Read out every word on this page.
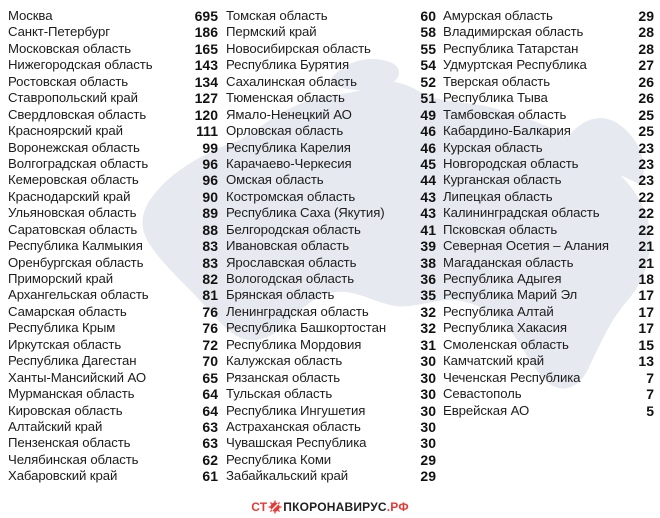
Москва	695
Санкт-Петербург	186
Московская область	165
Нижегородская область	143
Ростовская область	134
Ставропольский край	127
Свердловская область	120
Красноярский край	111
Воронежская область	99
Волгоградская область	96
Кемеровская область	96
Краснодарский край	90
Ульяновская область	89
Саратовская область	88
Республика Калмыкия	83
Оренбургская область	83
Приморский край	82
Архангельская область	81
Самарская область	76
Республика Крым	76
Иркутская область	72
Республика Дагестан	70
Ханты-Мансийский АО	65
Мурманская область	64
Кировская область	64
Алтайский край	63
Пензенская область	63
Челябинская область	62
Хабаровский край	61
Томская область	60
Пермский край	58
Новосибирская область	55
Республика Бурятия	54
Сахалинская область	52
Тюменская область	51
Ямало-Ненецкий АО	49
Орловская область	46
Республика Карелия	46
Карачаево-Черкесия	45
Омская область	44
Костромская область	43
Республика Саха (Якутия)	43
Белгородская область	41
Ивановская область	39
Ярославская область	38
Вологодская область	36
Брянская область	35
Ленинградская область	32
Республика Башкортостан 32
Республика Мордовия	31
Калужская область	30
Рязанская область	30
Тульская область	30
Республика Ингушетия	30
Астраханская область	30
Чувашская Республика	30
Республика Коми	29
Забайкальский край	29
Амурская область	29
Владимирская область	28
Республика Татарстан	28
Удмуртская Республика	27
Тверская область	26
Республика Тыва	26
Тамбовская область	25
Кабардино-Балкария	25
Курская область	23
Новгородская область	23
Курганская область	23
Липецкая область	22
Калининградская область	22
Псковская область	22
Северная Осетия – Алания 21
Магаданская область	21
Республика Адыгея	18
Республика Марий Эл	17
Республика Алтай	17
Республика Хакасия	17
Смоленская область	15
Камчатский край	13
Чеченская Республика	7
Севастополь	7
Еврейская АО	5
СТ ПКОРОНАВИРУС .РФ
